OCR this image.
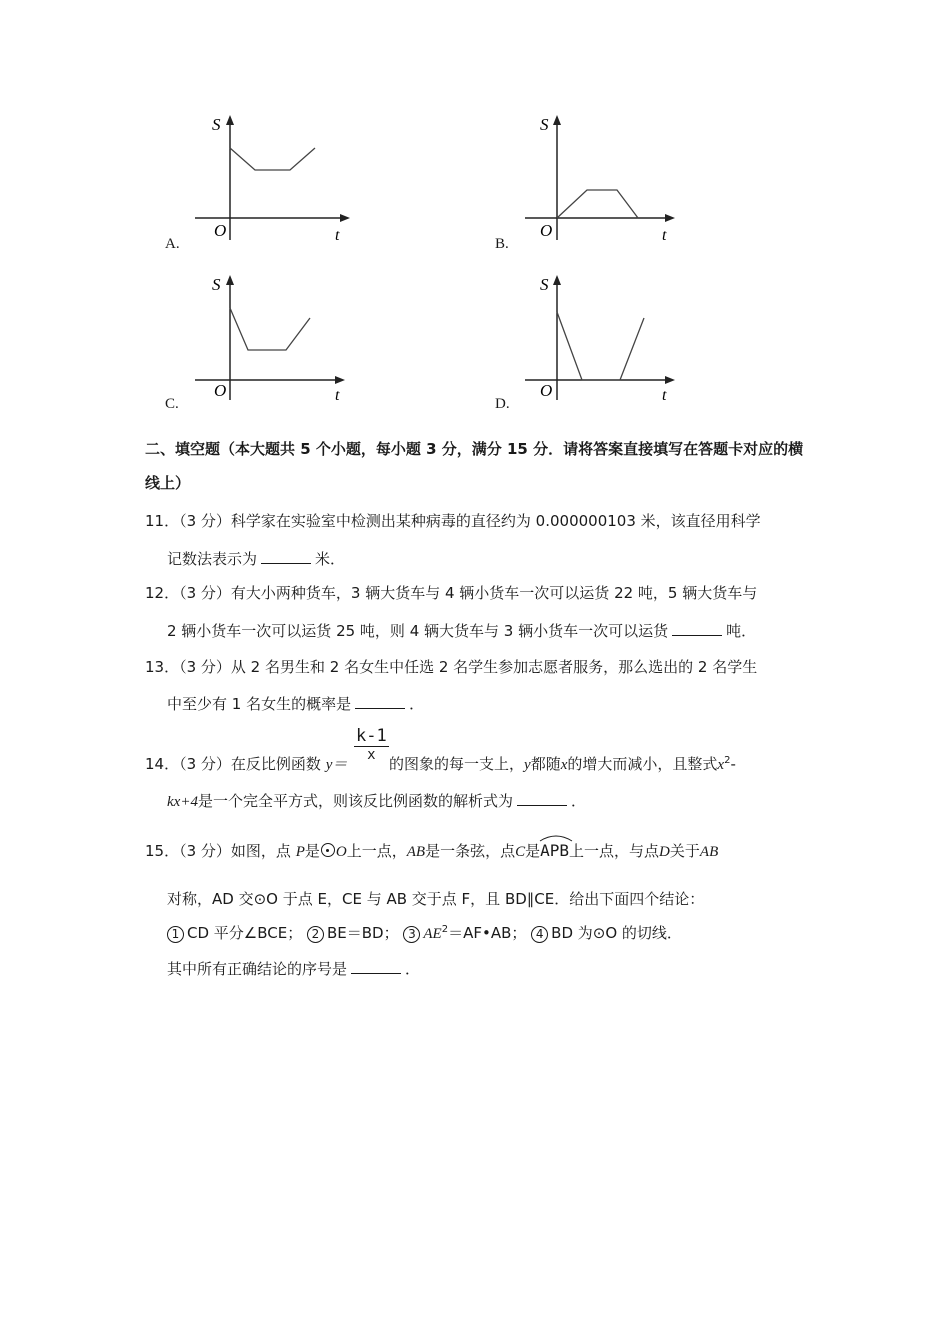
S
O	t
A.
S
O	t
B.
S
O	t
C.
S
O	t
D.
二、填空题（本大题共 5 个小题，每小题 3 分，满分 15 分．请将答案直接填写在答题卡对应的横线上）
11．（3 分）科学家在实验室中检测出某种病毒的直径约为 0.000000103 米，该直径用科学
记数法表示为	米．
12．（3 分）有大小两种货车，3 辆大货车与 4 辆小货车一次可以运货 22 吨，5 辆大货车与
2 辆小货车一次可以运货 25 吨，则 4 辆大货车与 3 辆小货车一次可以运货	吨．
13．（3 分）从 2 名男生和 2 名女生中任选 2 名学生参加志愿者服务，那么选出的 2 名学生
中至少有 1 名女生的概率是	．
k-1
x
14．（3 分）在反比例函数 y＝	的图象的每一支上，y都随x的增大而减小，且整式$x^2-$
kx+4是一个完全平方式，则该反比例函数的解析式为	．
15．（3 分）如图，点 P是 O上一点，AB是一条弦，点C是
APB上一点，与点D关于AB
对称，AD 交⊙O 于点 E，CE 与 AB 交于点 F，且 BD∥CE．给出下面四个结论：
1 CD 平分∠BCE； 2 BE＝BD； 3 $AE^2=AF•AB$； 4 BD 为⊙O 的切线．
其中所有正确结论的序号是	．
